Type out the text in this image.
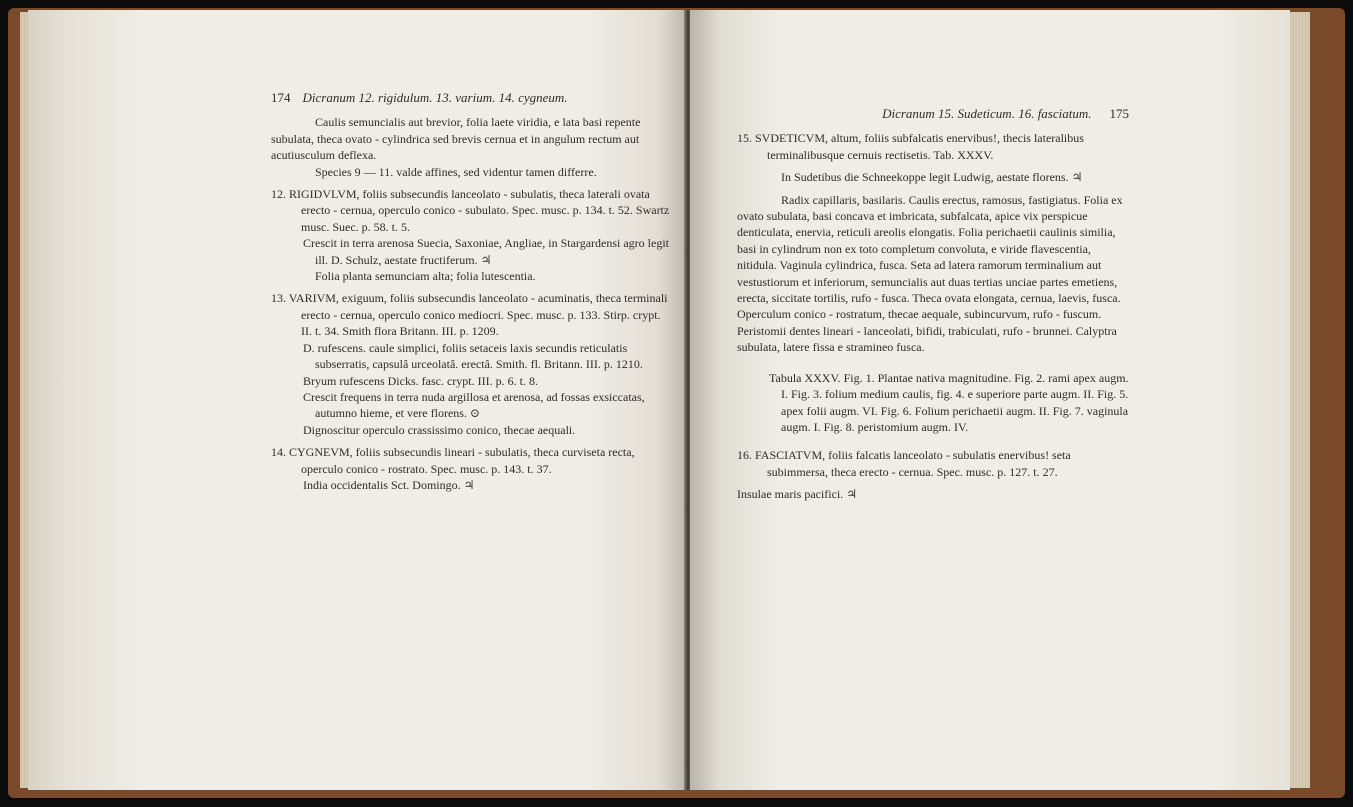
174 Dicranum 12. rigidulum. 13. varium. 14. cygneum.

Caulis semuncialis aut brevior, folia laete viridia, e lata basi repente subulata, theca ovato - cylindrica sed brevis cernua et in angulum rectum aut acutiusculum deflexa.

Species 9 — 11. valde affines, sed videntur tamen differre.

12. RIGIDVLVM, foliis subsecundis lanceolato - subulatis, theca laterali ovata erecto - cernua, operculo conico - subulato. Spec. musc. p. 134. t. 52. Swartz musc. Suec. p. 58. t. 5.

Crescit in terra arenosa Suecia, Saxoniae, Angliae, in Stargardensi agro legit ill. D. Schulz, aestate fructiferum. ♃

Folia planta semunciam alta; folia lutescentia.

13. VARIVM, exiguum, foliis subsecundis lanceolato - acuminatis, theca terminali erecto - cernua, operculo conico mediocri. Spec. musc. p. 133. Stirp. crypt. II. t. 34. Smith flora Britann. III. p. 1209.

D. rufescens. caule simplici, foliis setaceis laxis secundis reticulatis subserratis, capsulâ urceolatâ. erectâ. Smith. fl. Britann. III. p. 1210.

Bryum rufescens Dicks. fasc. crypt. III. p. 6. t. 8.

Crescit frequens in terra nuda argillosa et arenosa, ad fossas exsiccatas, autumno hieme, et vere florens. ⊙

Dignoscitur operculo crassissimo conico, thecae aequali.

14. CYGNEVM, foliis subsecundis lineari - subulatis, theca curviseta recta, operculo conico - rostrato. Spec. musc. p. 143. t. 37.

India occidentalis Sct. Domingo. ♃

Dicranum 15. Sudeticum. 16. fasciatum.	175

15. SVDETICVM, altum, foliis subfalcatis enervibus!, thecis lateralibus terminalibusque cernuis rectisetis. Tab. XXXV.

In Sudetibus die Schneekoppe legit Ludwig, aestate florens. ♃

Radix capillaris, basilaris. Caulis erectus, ramosus, fastigiatus. Folia ex ovato subulata, basi concava et imbricata, subfalcata, apice vix perspicue denticulata, enervia, reticuli areolis elongatis. Folia perichaetii caulinis similia, basi in cylindrum non ex toto completum convoluta, e viride flavescentia, nitidula. Vaginula cylindrica, fusca. Seta ad latera ramorum terminalium aut vestustiorum et inferiorum, semuncialis aut duas tertias unciae partes emetiens, erecta, siccitate tortilis, rufo - fusca. Theca ovata elongata, cernua, laevis, fusca. Operculum conico - rostratum, thecae aequale, subincurvum, rufo - fuscum. Peristomii dentes lineari - lanceolati, bifidi, trabiculati, rufo - brunnei. Calyptra subulata, latere fissa e stramineo fusca.

Tabula XXXV. Fig. 1. Plantae nativa magnitudine. Fig. 2. rami apex augm. I. Fig. 3. folium medium caulis, fig. 4. e superiore parte augm. II. Fig. 5. apex folii augm. VI. Fig. 6. Folium perichaetii augm. II. Fig. 7. vaginula augm. I. Fig. 8. peristomium augm. IV.

16. FASCIATVM, foliis falcatis lanceolato - subulatis enervibus! seta subimmersa, theca erecto - cernua. Spec. musc. p. 127. t. 27.

Insulae maris pacifici. ♃
